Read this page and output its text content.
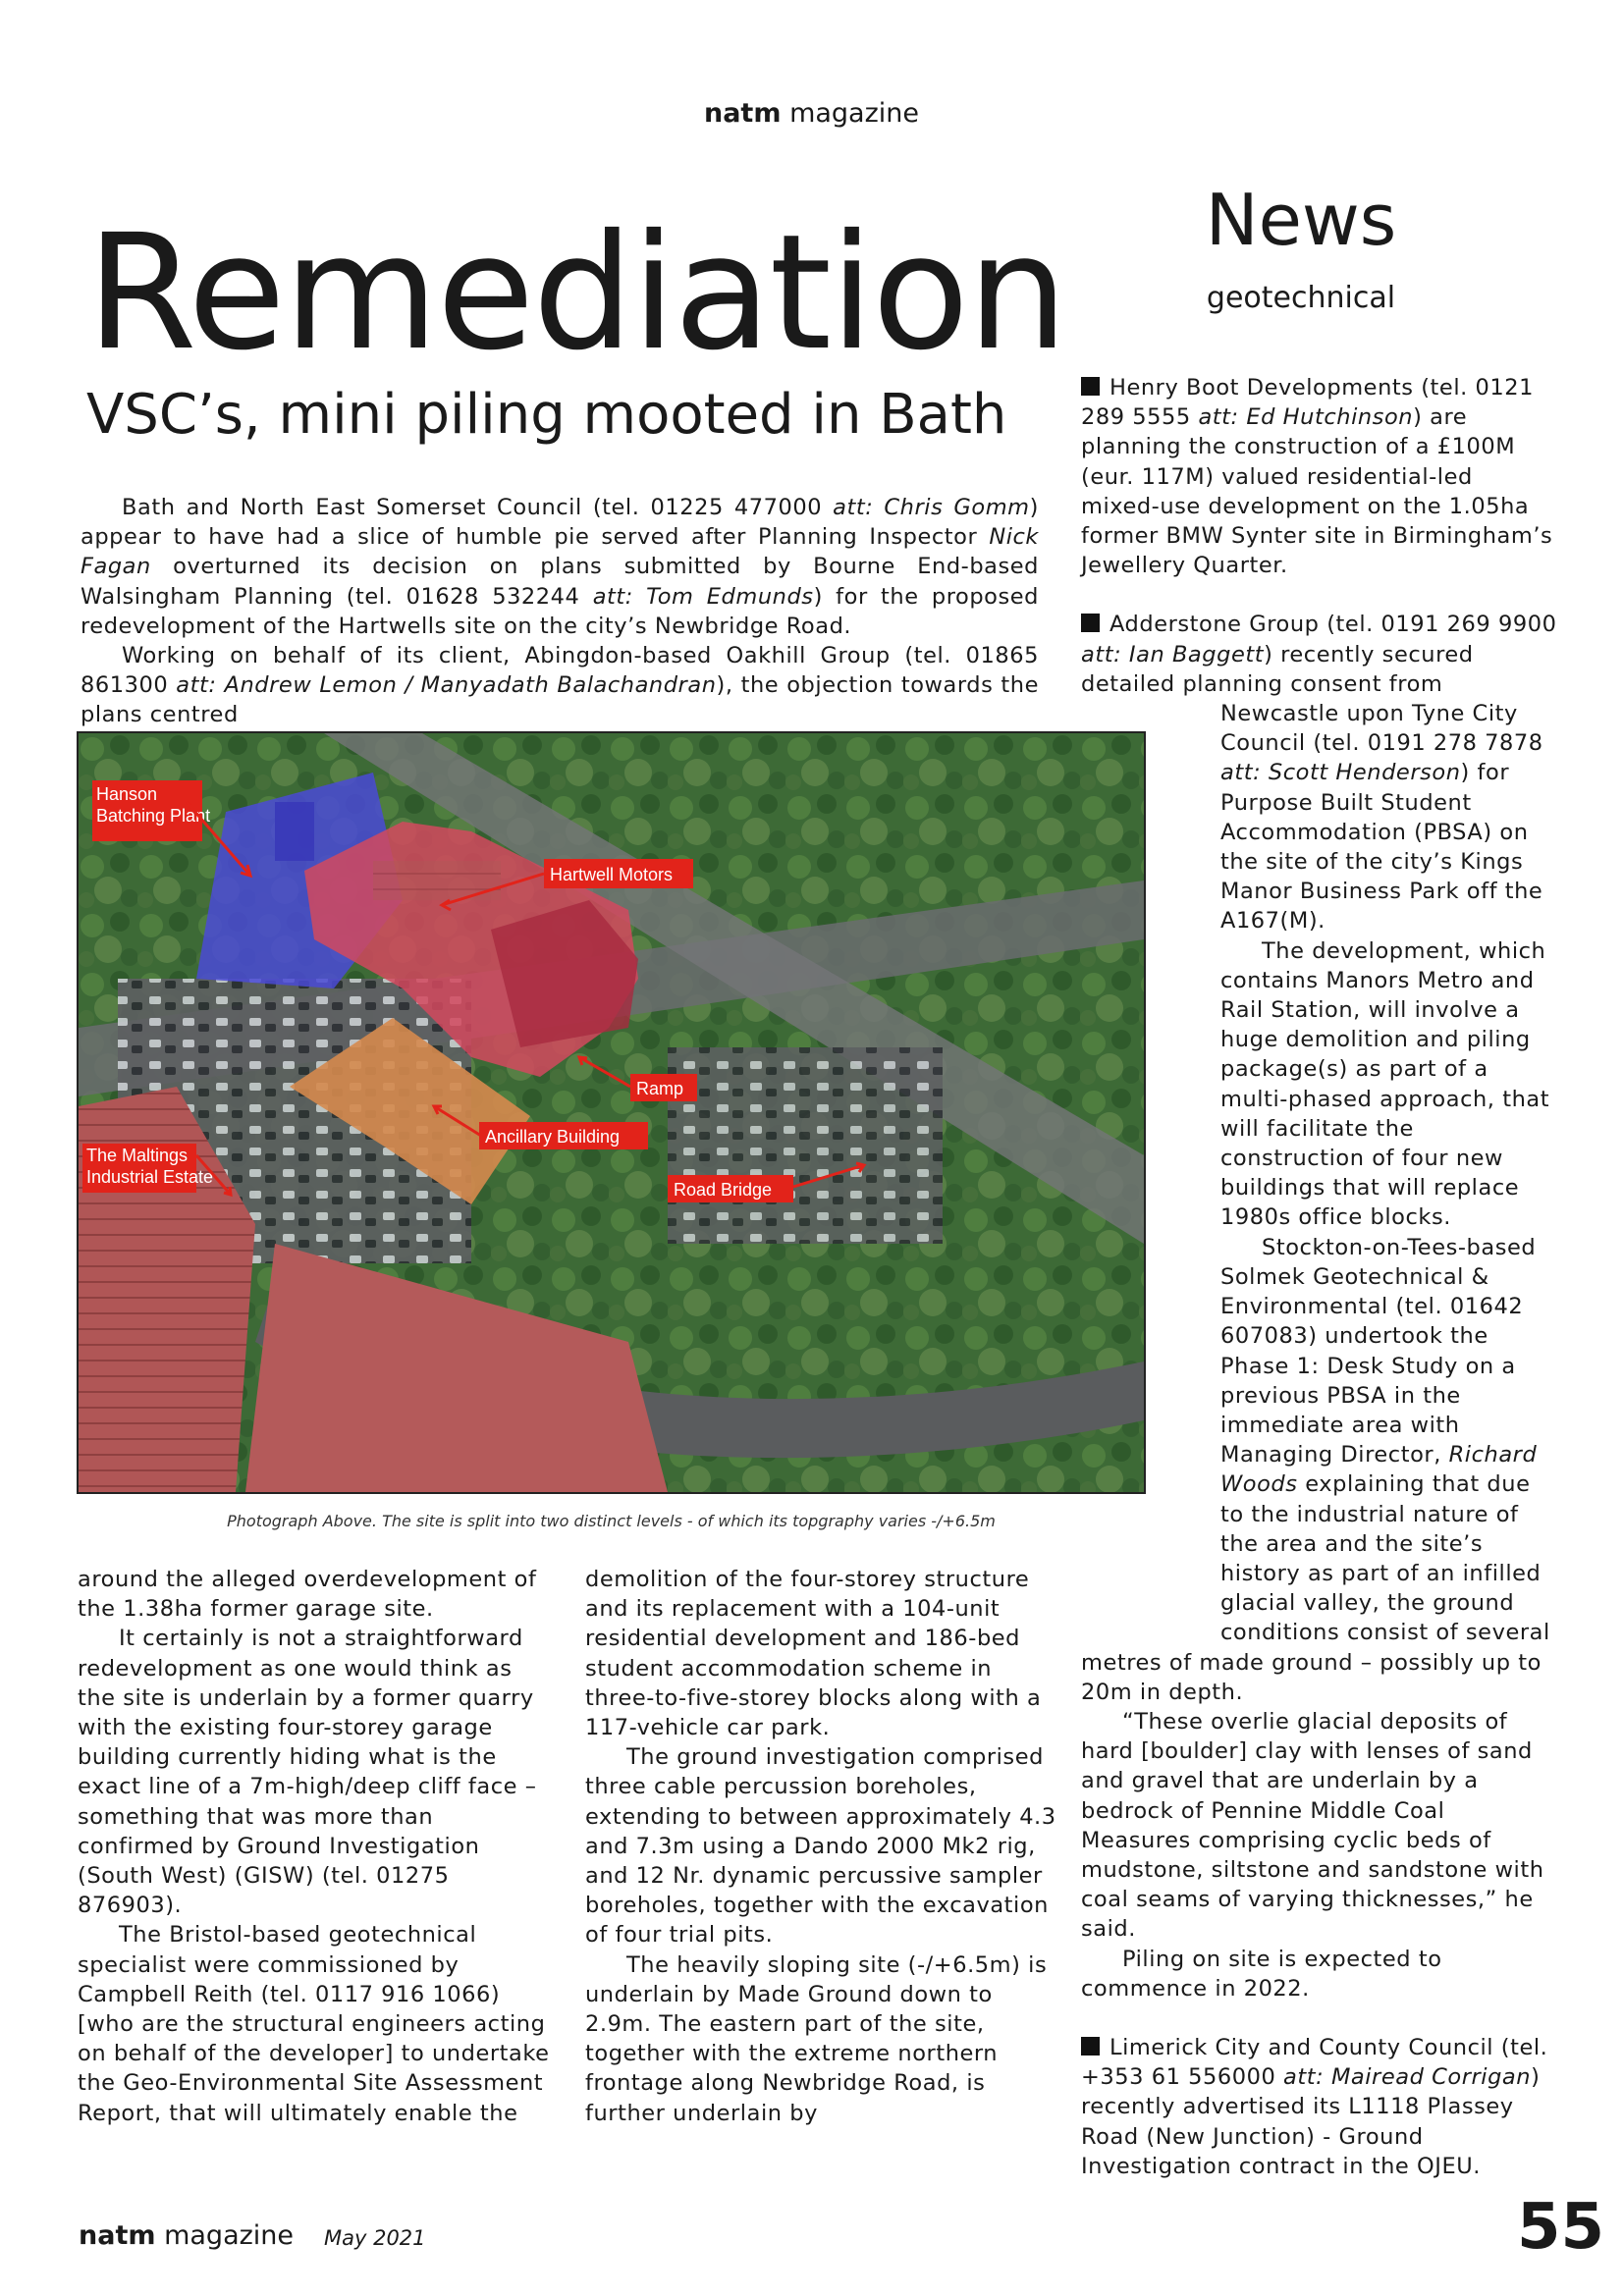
natm magazine
Remediation
VSC’s, mini piling mooted in Bath
News
geotechnical

Bath and North East Somerset Council (tel. 01225 477000 att: Chris Gomm) appear to have had a slice of humble pie served after Planning Inspector Nick Fagan overturned its decision on plans submitted by Bourne End-based Walsingham Planning (tel. 01628 532244 att: Tom Edmunds) for the proposed redevelopment of the Hartwells site on the city’s Newbridge Road.

Working on behalf of its client, Abingdon-based Oakhill Group (tel. 01865 861300 att: Andrew Lemon / Manyadath Balachandran), the objection towards the plans centred

Hanson
Batching Plant
Hartwell Motors
Ramp
Ancillary Building
The Maltings
Industrial Estate
Road Bridge
Photograph Above. The site is split into two distinct levels - of which its topgraphy varies -/+6.5m

around the alleged overdevelopment of the 1.38ha former garage site.

It certainly is not a straightforward redevelopment as one would think as the site is underlain by a former quarry with the existing four-storey garage building currently hiding what is the exact line of a 7m-high/deep cliff face – something that was more than confirmed by Ground Investigation (South West) (GISW) (tel. 01275 876903).

The Bristol-based geotechnical specialist were commissioned by Campbell Reith (tel. 0117 916 1066) [who are the structural engineers acting on behalf of the developer] to undertake the Geo-Environmental Site Assessment Report, that will ultimately enable the

demolition of the four-storey structure and its replacement with a 104-unit residential development and 186-bed student accommodation scheme in three-to-five-storey blocks along with a 117-vehicle car park.

The ground investigation comprised three cable percussion boreholes, extending to between approximately 4.3 and 7.3m using a Dando 2000 Mk2 rig, and 12 Nr. dynamic percussive sampler boreholes, together with the excavation of four trial pits.

The heavily sloping site (-/+6.5m) is underlain by Made Ground down to 2.9m. The eastern part of the site, together with the extreme northern frontage along Newbridge Road, is further underlain by

Henry Boot Developments (tel. 0121 289 5555 att: Ed Hutchinson) are planning the construction of a £100M (eur. 117M) valued residential-led mixed-use development on the 1.05ha former BMW Synter site in Birmingham’s Jewellery Quarter.

Adderstone Group (tel. 0191 269 9900 att: Ian Baggett) recently secured detailed planning consent from

Newcastle upon Tyne City Council (tel. 0191 278 7878 att: Scott Henderson) for Purpose Built Student Accommodation (PBSA) on the site of the city’s Kings Manor Business Park off the A167(M).

The development, which contains Manors Metro and Rail Station, will involve a huge demolition and piling package(s) as part of a multi-phased approach, that will facilitate the construction of four new buildings that will replace 1980s office blocks.

Stockton-on-Tees-based Solmek Geotechnical & Environmental (tel. 01642 607083) undertook the Phase 1: Desk Study on a previous PBSA in the immediate area with Managing Director, Richard Woods explaining that due to the industrial nature of the area and the site’s history as part of an infilled glacial valley, the ground conditions consist of several

metres of made ground – possibly up to 20m in depth.

“These overlie glacial deposits of hard [boulder] clay with lenses of sand and gravel that are underlain by a bedrock of Pennine Middle Coal Measures comprising cyclic beds of mudstone, siltstone and sandstone with coal seams of varying thicknesses,” he said.

Piling on site is expected to commence in 2022.

Limerick City and County Council (tel. +353 61 556000 att: Mairead Corrigan) recently advertised its L1118 Plassey Road (New Junction) - Ground Investigation contract in the OJEU.

natm magazine May 2021	55
